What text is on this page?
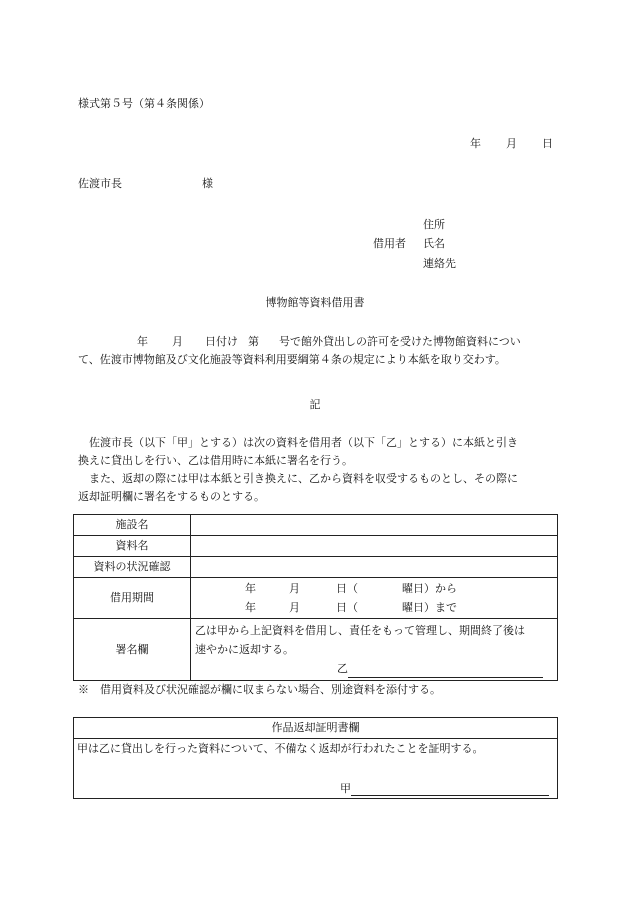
様式第５号（第４条関係）
年 月 日
佐渡市長	様
住所
借用者 氏名
連絡先
博物館等資料借用書

年 月 日付け 第 号で館外貸出しの許可を受けた博物館資料につい

て、佐渡市博物館及び文化施設等資料利用要綱第４条の規定により本紙を取り交わす。

記

佐渡市長（以下「甲」とする）は次の資料を借用者（以下「乙」とする）に本紙と引き

換えに貸出しを行い、乙は借用時に本紙に署名を行う。

また、返却の際には甲は本紙と引き換えに、乙から資料を収受するものとし、その際に

返却証明欄に署名をするものとする。

施設名	
資料名	
資料の状況確認	
借用期間	年 月 日（ 曜日）から
年 月 日（ 曜日）まで

署名欄	乙は甲から上記資料を借用し、責任をもって管理し、期間終了後は
速やかに返却する。
乙
※　借用資料及び状況確認が欄に収まらない場合、別途資料を添付する。
作品返却証明書欄
甲は乙に貸出しを行った資料について、不備なく返却が行われたことを証明する。
甲
